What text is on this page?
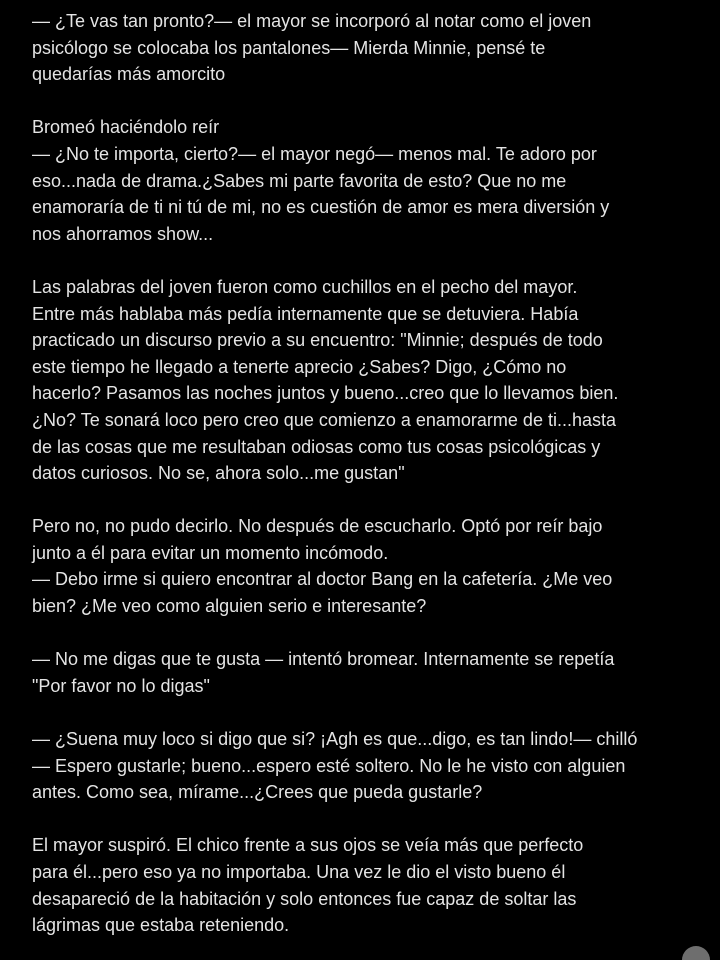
— ¿Te vas tan pronto?— el mayor se incorporó al notar como el joven
psicólogo se colocaba los pantalones— Mierda Minnie, pensé te
quedarías más amorcito
Bromeó haciéndolo reír
— ¿No te importa, cierto?— el mayor negó— menos mal. Te adoro por
eso...nada de drama.¿Sabes mi parte favorita de esto? Que no me
enamoraría de ti ni tú de mi, no es cuestión de amor es mera diversión y
nos ahorramos show...
Las palabras del joven fueron como cuchillos en el pecho del mayor.
Entre más hablaba más pedía internamente que se detuviera. Había
practicado un discurso previo a su encuentro: "Minnie; después de todo
este tiempo he llegado a tenerte aprecio ¿Sabes? Digo, ¿Cómo no
hacerlo? Pasamos las noches juntos y bueno...creo que lo llevamos bien.
¿No? Te sonará loco pero creo que comienzo a enamorarme de ti...hasta
de las cosas que me resultaban odiosas como tus cosas psicológicas y
datos curiosos. No se, ahora solo...me gustan"
Pero no, no pudo decirlo. No después de escucharlo. Optó por reír bajo
junto a él para evitar un momento incómodo.
— Debo irme si quiero encontrar al doctor Bang en la cafetería. ¿Me veo
bien? ¿Me veo como alguien serio e interesante?
— No me digas que te gusta — intentó bromear. Internamente se repetía
"Por favor no lo digas"
— ¿Suena muy loco si digo que si? ¡Agh es que...digo, es tan lindo!— chilló
— Espero gustarle; bueno...espero esté soltero. No le he visto con alguien
antes. Como sea, mírame...¿Crees que pueda gustarle?
El mayor suspiró. El chico frente a sus ojos se veía más que perfecto
para él...pero eso ya no importaba. Una vez le dio el visto bueno él
desapareció de la habitación y solo entonces fue capaz de soltar las
lágrimas que estaba reteniendo.
